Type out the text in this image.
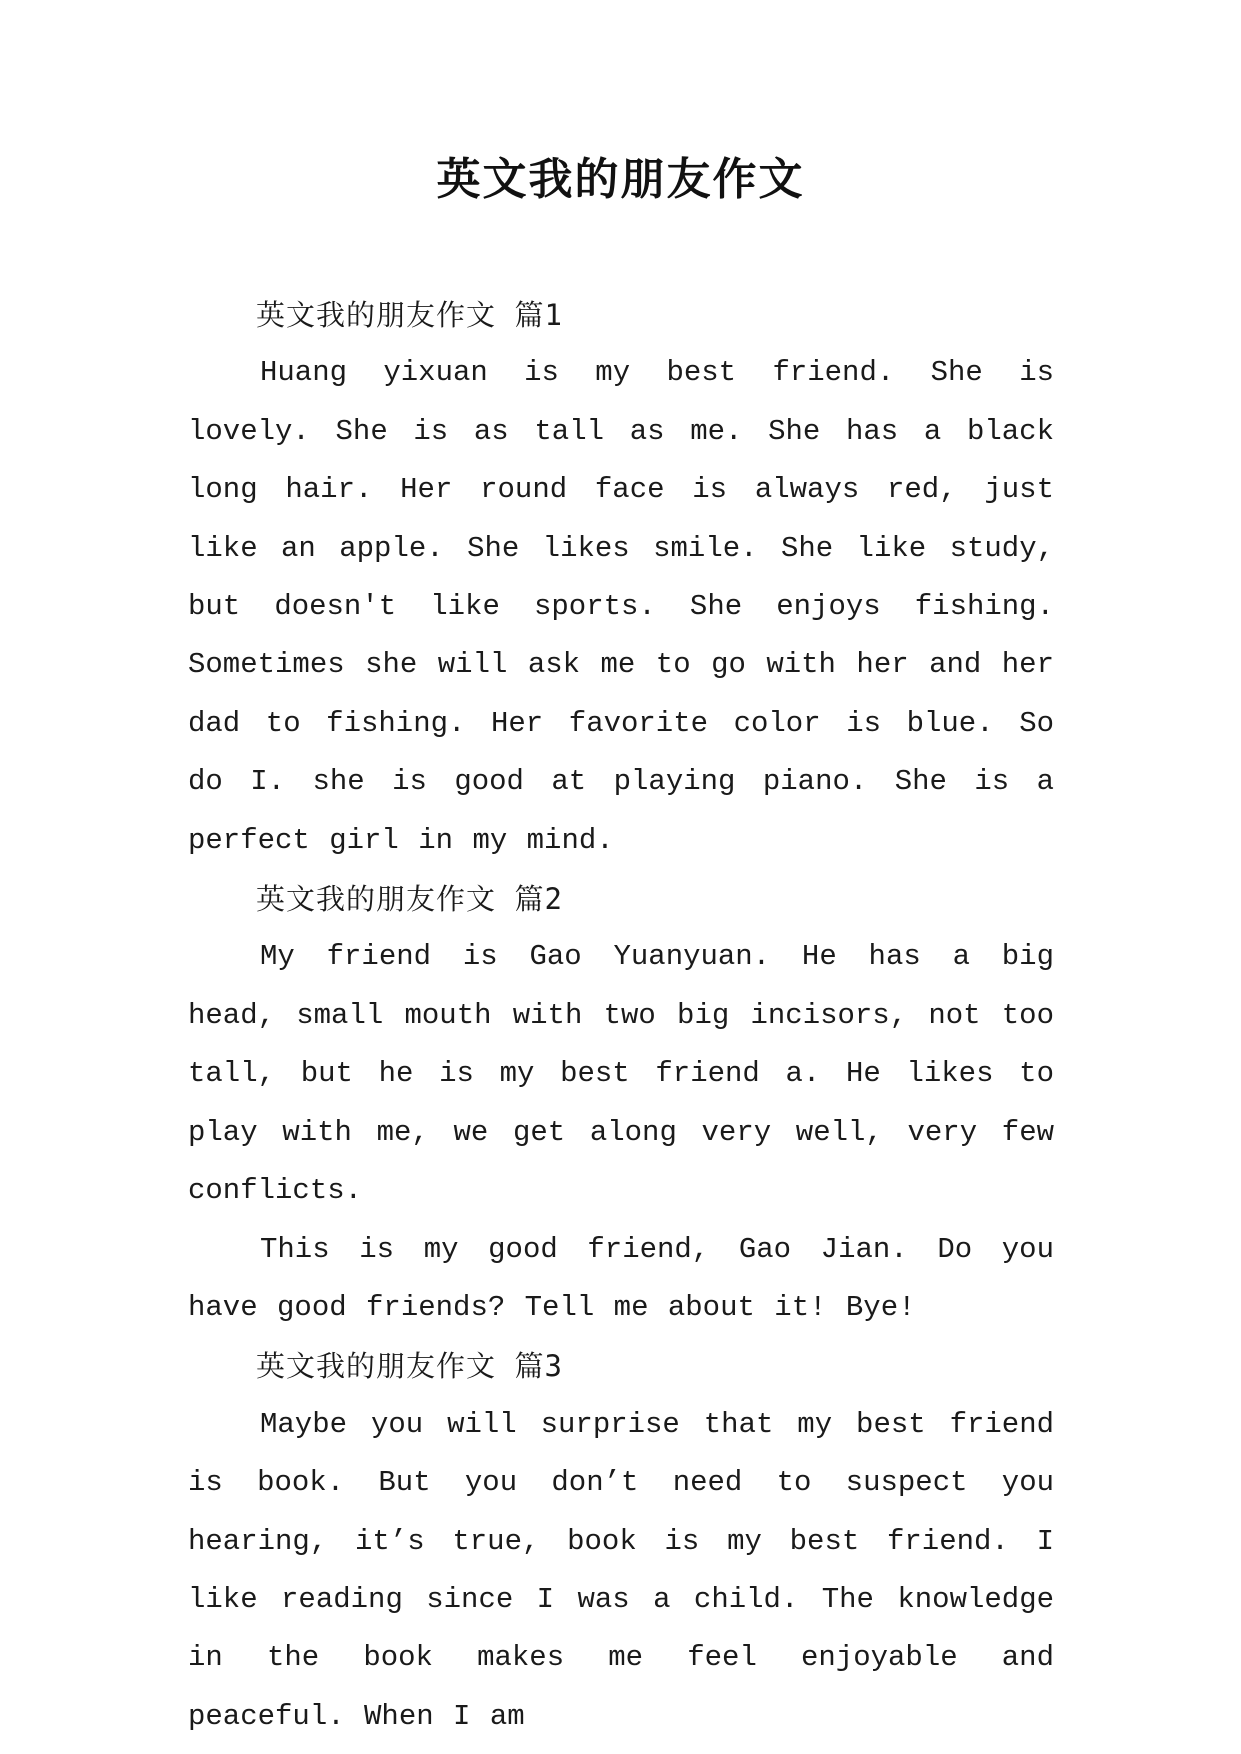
英文我的朋友作文

英文我的朋友作文 篇1

Huang yixuan is my best friend. She is lovely. She is as tall as me. She has a black long hair. Her round face is always red, just like an apple. She likes smile. She like study, but doesn't like sports. She enjoys fishing. Sometimes she will ask me to go with her and her dad to fishing. Her favorite color is blue. So do I. she is good at playing piano. She is a perfect girl in my mind.

英文我的朋友作文 篇2

My friend is Gao Yuanyuan. He has a big head, small mouth with two big incisors, not too tall, but he is my best friend a. He likes to play with me, we get along very well, very few conflicts.

This is my good friend, Gao Jian. Do you have good friends? Tell me about it! Bye!

英文我的朋友作文 篇3

Maybe you will surprise that my best friend is book. But you don’t need to suspect you hearing, it’s true, book is my best friend. I like reading since I was a child. The knowledge in the book makes me feel enjoyable and peaceful. When I am
